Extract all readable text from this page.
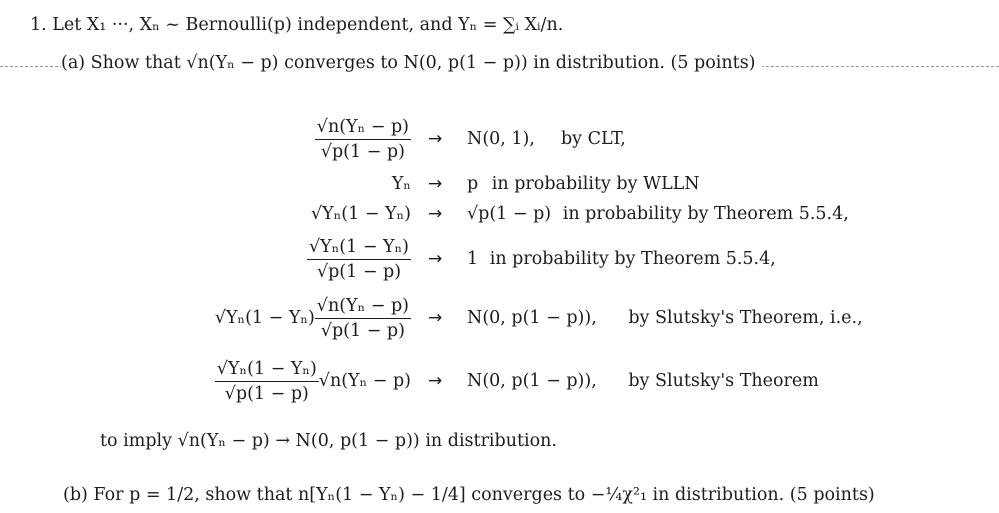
1. Let X₁ ···, Xₙ ~ Bernoulli(p) independent, and Yₙ = ∑ᵢ Xᵢ/n.
(a) Show that √n(Yₙ − p) converges to N(0, p(1 − p)) in distribution. (5 points)
$\frac{\text{√n(Yₙ − p)}}{√p(1 - p)} \to N(0$, 1), by CLT,
Yₙ → p in probability by WLLN
√Yₙ(1 − Yₙ) → √p(1 − p) in probability by Theorem 5.5.4,
$\frac{\text{√Yₙ(1 − Yₙ)}}{√p(1 - p)} \to 1$ in probability by Theorem 5.5.4,
$√Y_n(1 - Y_n) \frac{\text{√n(Yₙ − p)}}{√p(1 - p)} \to N(0$, p(1 − p)), by Slutsky's Theorem, i.e.,
$\frac{\text{√Yₙ(1 − Yₙ)}}{√p(1 - p)} √n(Y_n - p) \to N(0$, p(1 − p)), by Slutsky's Theorem
to imply √n(Yₙ − p) → N(0, p(1 − p)) in distribution.
(b) For p = 1/2, show that n[Yₙ(1 − Yₙ) − 1/4] converges to −¼χ²₁ in distribution. (5 points)
